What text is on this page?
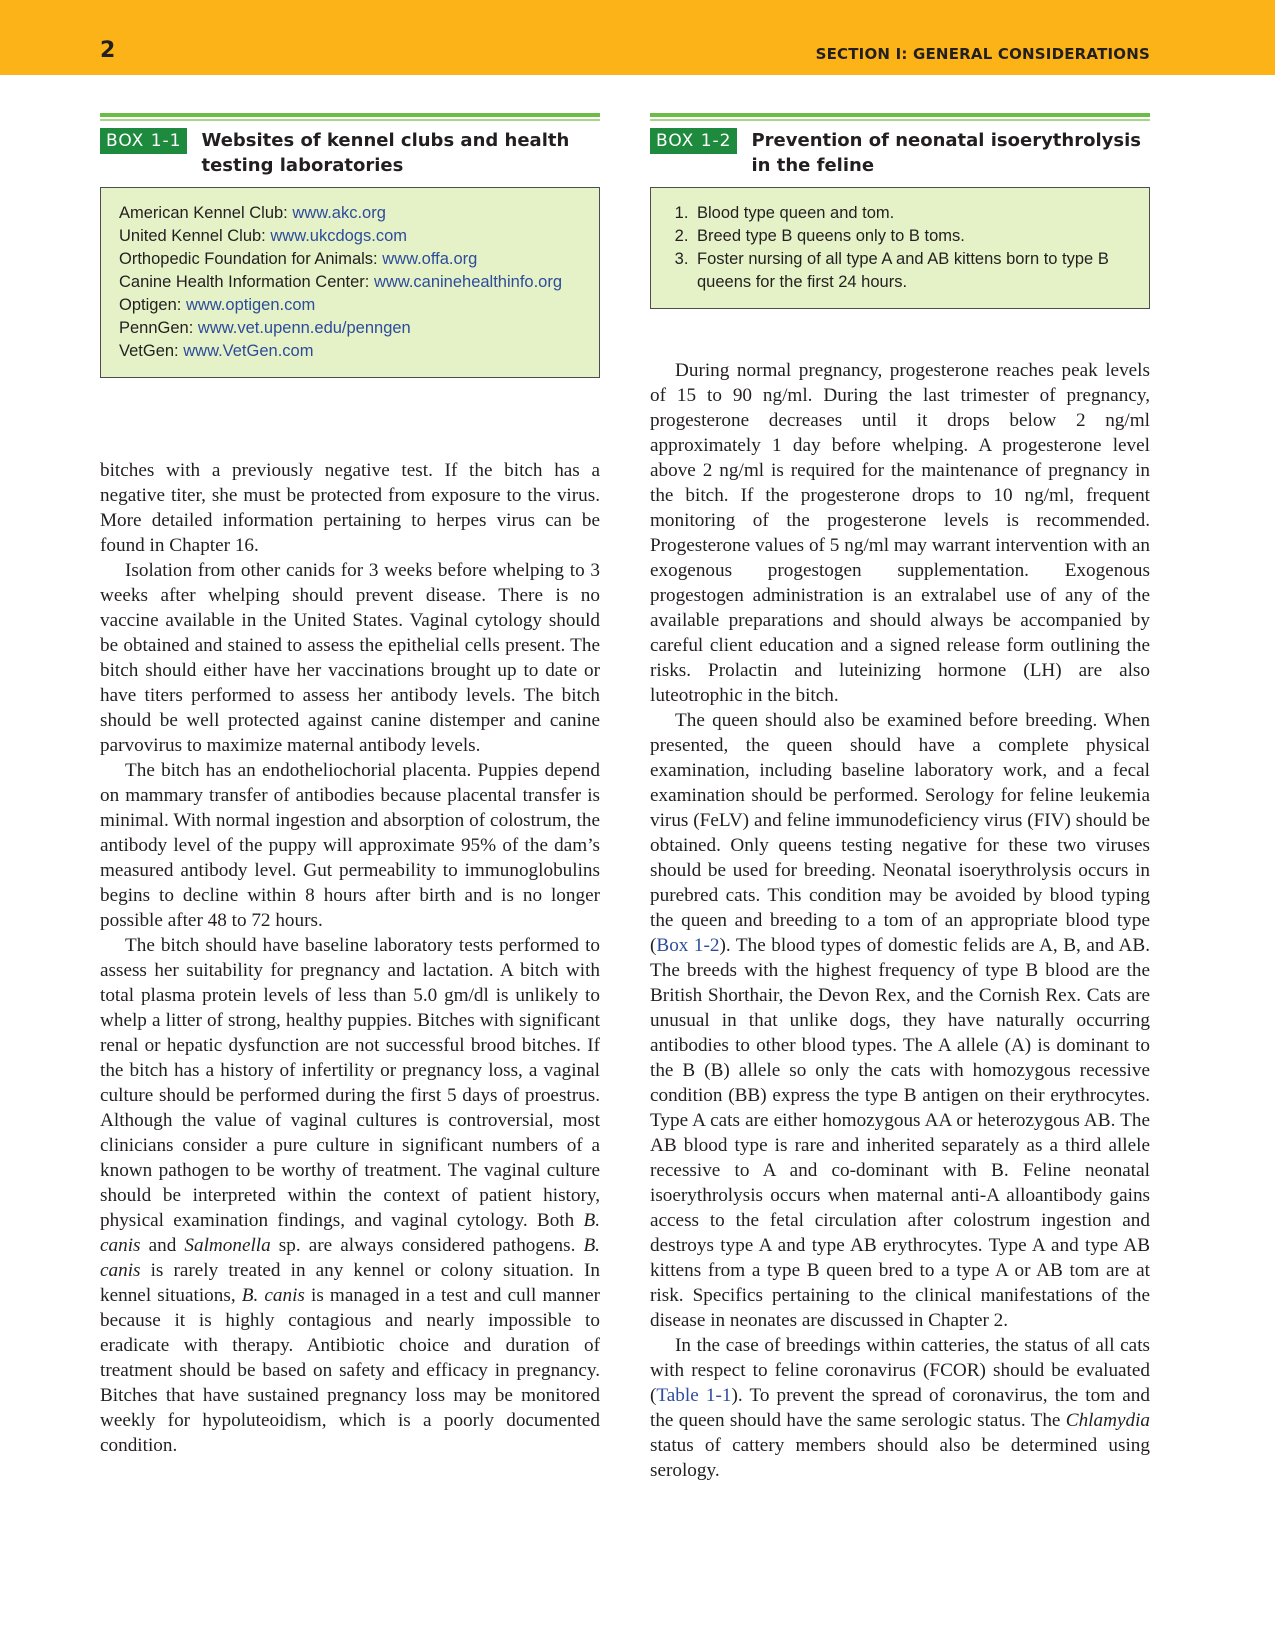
2	SECTION I: GENERAL CONSIDERATIONS
BOX 1-1	Websites of kennel clubs and health testing laboratories
American Kennel Club: www.akc.org
United Kennel Club: www.ukcdogs.com
Orthopedic Foundation for Animals: www.offa.org
Canine Health Information Center: www.caninehealthinfo.org
Optigen: www.optigen.com
PennGen: www.vet.upenn.edu/penngen
VetGen: www.VetGen.com
BOX 1-2	Prevention of neonatal isoerythrolysis in the feline
1. Blood type queen and tom.
2. Breed type B queens only to B toms.
3. Foster nursing of all type A and AB kittens born to type B queens for the first 24 hours.

bitches with a previously negative test. If the bitch has a negative titer, she must be protected from exposure to the virus. More detailed information pertaining to herpes virus can be found in Chapter 16.

Isolation from other canids for 3 weeks before whelping to 3 weeks after whelping should prevent disease. There is no vaccine available in the United States. Vaginal cytology should be obtained and stained to assess the epithelial cells present. The bitch should either have her vaccinations brought up to date or have titers performed to assess her antibody levels. The bitch should be well protected against canine distemper and canine parvovirus to maximize maternal antibody levels.

The bitch has an endotheliochorial placenta. Puppies depend on mammary transfer of antibodies because placental transfer is minimal. With normal ingestion and absorption of colostrum, the antibody level of the puppy will approximate 95% of the dam’s measured antibody level. Gut permeability to immunoglobulins begins to decline within 8 hours after birth and is no longer possible after 48 to 72 hours.

The bitch should have baseline laboratory tests performed to assess her suitability for pregnancy and lactation. A bitch with total plasma protein levels of less than 5.0 gm/dl is unlikely to whelp a litter of strong, healthy puppies. Bitches with significant renal or hepatic dysfunction are not successful brood bitches. If the bitch has a history of infertility or pregnancy loss, a vaginal culture should be performed during the first 5 days of proestrus. Although the value of vaginal cultures is controversial, most clinicians consider a pure culture in significant numbers of a known pathogen to be worthy of treatment. The vaginal culture should be interpreted within the context of patient history, physical examination findings, and vaginal cytology. Both B. canis and Salmonella sp. are always considered pathogens. B. canis is rarely treated in any kennel or colony situation. In kennel situations, B. canis is managed in a test and cull manner because it is highly contagious and nearly impossible to eradicate with therapy. Antibiotic choice and duration of treatment should be based on safety and efficacy in pregnancy. Bitches that have sustained pregnancy loss may be monitored weekly for hypoluteoidism, which is a poorly documented condition.

During normal pregnancy, progesterone reaches peak levels of 15 to 90 ng/ml. During the last trimester of pregnancy, progesterone decreases until it drops below 2 ng/ml approximately 1 day before whelping. A progesterone level above 2 ng/ml is required for the maintenance of pregnancy in the bitch. If the progesterone drops to 10 ng/ml, frequent monitoring of the progesterone levels is recommended. Progesterone values of 5 ng/ml may warrant intervention with an exogenous progestogen supplementation. Exogenous progestogen administration is an extralabel use of any of the available preparations and should always be accompanied by careful client education and a signed release form outlining the risks. Prolactin and luteinizing hormone (LH) are also luteotrophic in the bitch.

The queen should also be examined before breeding. When presented, the queen should have a complete physical examination, including baseline laboratory work, and a fecal examination should be performed. Serology for feline leukemia virus (FeLV) and feline immunodeficiency virus (FIV) should be obtained. Only queens testing negative for these two viruses should be used for breeding. Neonatal isoerythrolysis occurs in purebred cats. This condition may be avoided by blood typing the queen and breeding to a tom of an appropriate blood type (Box 1-2). The blood types of domestic felids are A, B, and AB. The breeds with the highest frequency of type B blood are the British Shorthair, the Devon Rex, and the Cornish Rex. Cats are unusual in that unlike dogs, they have naturally occurring antibodies to other blood types. The A allele (A) is dominant to the B (B) allele so only the cats with homozygous recessive condition (BB) express the type B antigen on their erythrocytes. Type A cats are either homozygous AA or heterozygous AB. The AB blood type is rare and inherited separately as a third allele recessive to A and co-dominant with B. Feline neonatal isoerythrolysis occurs when maternal anti-A alloantibody gains access to the fetal circulation after colostrum ingestion and destroys type A and type AB erythrocytes. Type A and type AB kittens from a type B queen bred to a type A or AB tom are at risk. Specifics pertaining to the clinical manifestations of the disease in neonates are discussed in Chapter 2.

In the case of breedings within catteries, the status of all cats with respect to feline coronavirus (FCOR) should be evaluated (Table 1-1). To prevent the spread of coronavirus, the tom and the queen should have the same serologic status. The Chlamydia status of cattery members should also be determined using serology.
